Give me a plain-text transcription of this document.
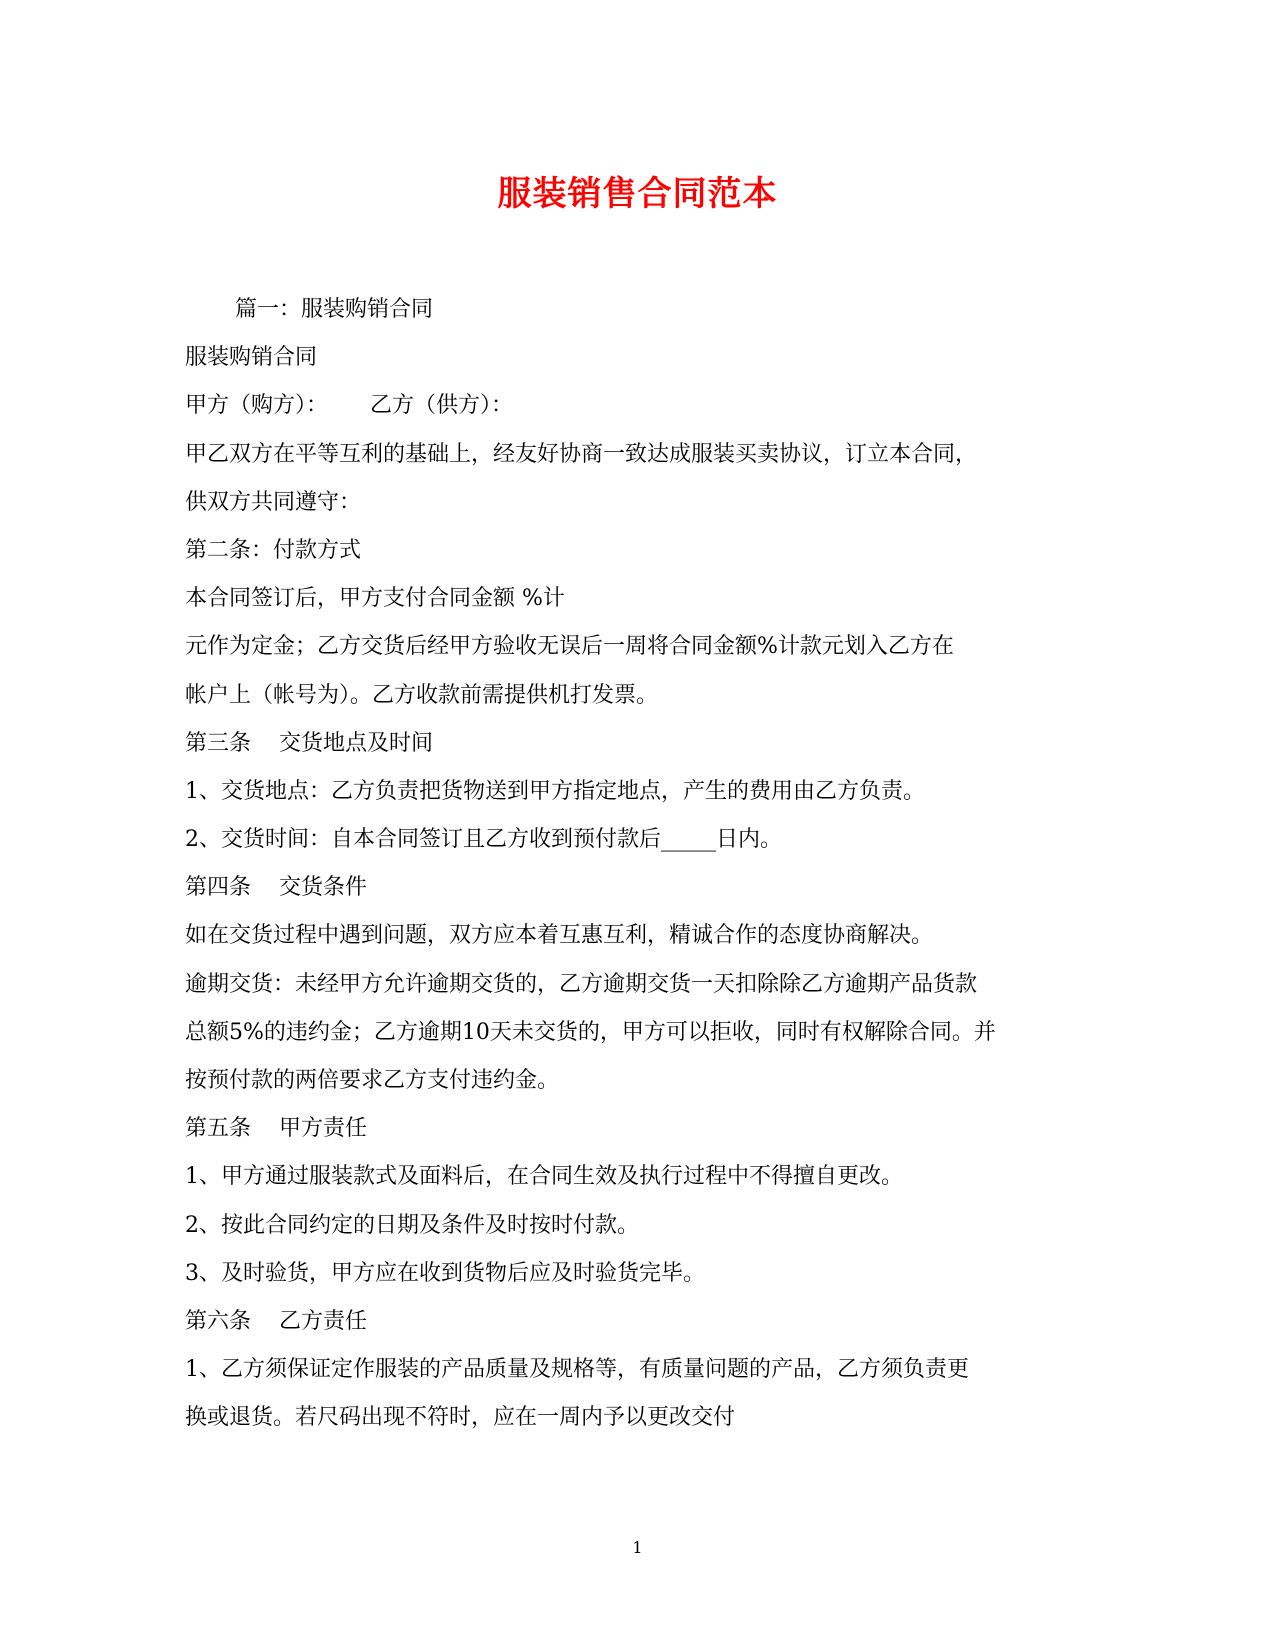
服装销售合同范本
篇一：服装购销合同
服装购销合同
甲方（购方）：      乙方（供方）：
甲乙双方在平等互利的基础上，经友好协商一致达成服装买卖协议，订立本合同，
供双方共同遵守：
第二条：付款方式
本合同签订后，甲方支付合同金额 %计
元作为定金；乙方交货后经甲方验收无误后一周将合同金额%计款元划入乙方在
帐户上（帐号为）。乙方收款前需提供机打发票。
第三条    交货地点及时间
1、交货地点：乙方负责把货物送到甲方指定地点，产生的费用由乙方负责。
2、交货时间：自本合同签订且乙方收到预付款后_____日内。
第四条    交货条件
如在交货过程中遇到问题，双方应本着互惠互利，精诚合作的态度协商解决。
逾期交货：未经甲方允许逾期交货的，乙方逾期交货一天扣除除乙方逾期产品货款
总额5%的违约金；乙方逾期10天未交货的，甲方可以拒收，同时有权解除合同。并
按预付款的两倍要求乙方支付违约金。
第五条    甲方责任
1、甲方通过服装款式及面料后，在合同生效及执行过程中不得擅自更改。
2、按此合同约定的日期及条件及时按时付款。
3、及时验货，甲方应在收到货物后应及时验货完毕。
第六条    乙方责任
1、乙方须保证定作服装的产品质量及规格等，有质量问题的产品，乙方须负责更
换或退货。若尺码出现不符时，应在一周内予以更改交付
1
